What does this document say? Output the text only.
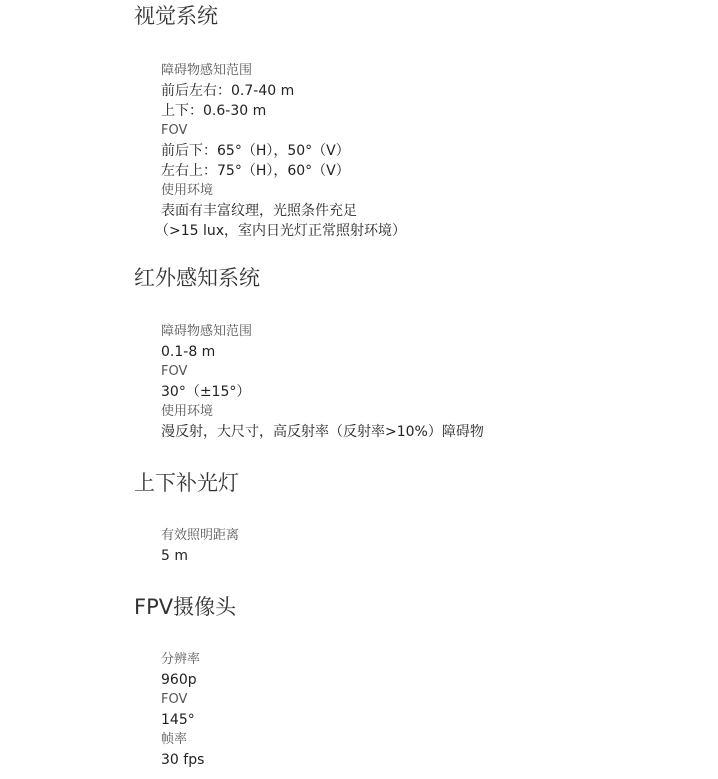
视觉系统
障碍物感知范围
前后左右：0.7-40 m
上下：0.6-30 m
FOV
前后下：65°（H），50°（V）
左右上：75°（H），60°（V）
使用环境
表面有丰富纹理，光照条件充足
（>15 lux，室内日光灯正常照射环境）
红外感知系统
障碍物感知范围
0.1-8 m
FOV
30°（±15°）
使用环境
漫反射，大尺寸，高反射率（反射率>10%）障碍物
上下补光灯
有效照明距离
5 m
FPV摄像头
分辨率
960p
FOV
145°
帧率
30 fps
